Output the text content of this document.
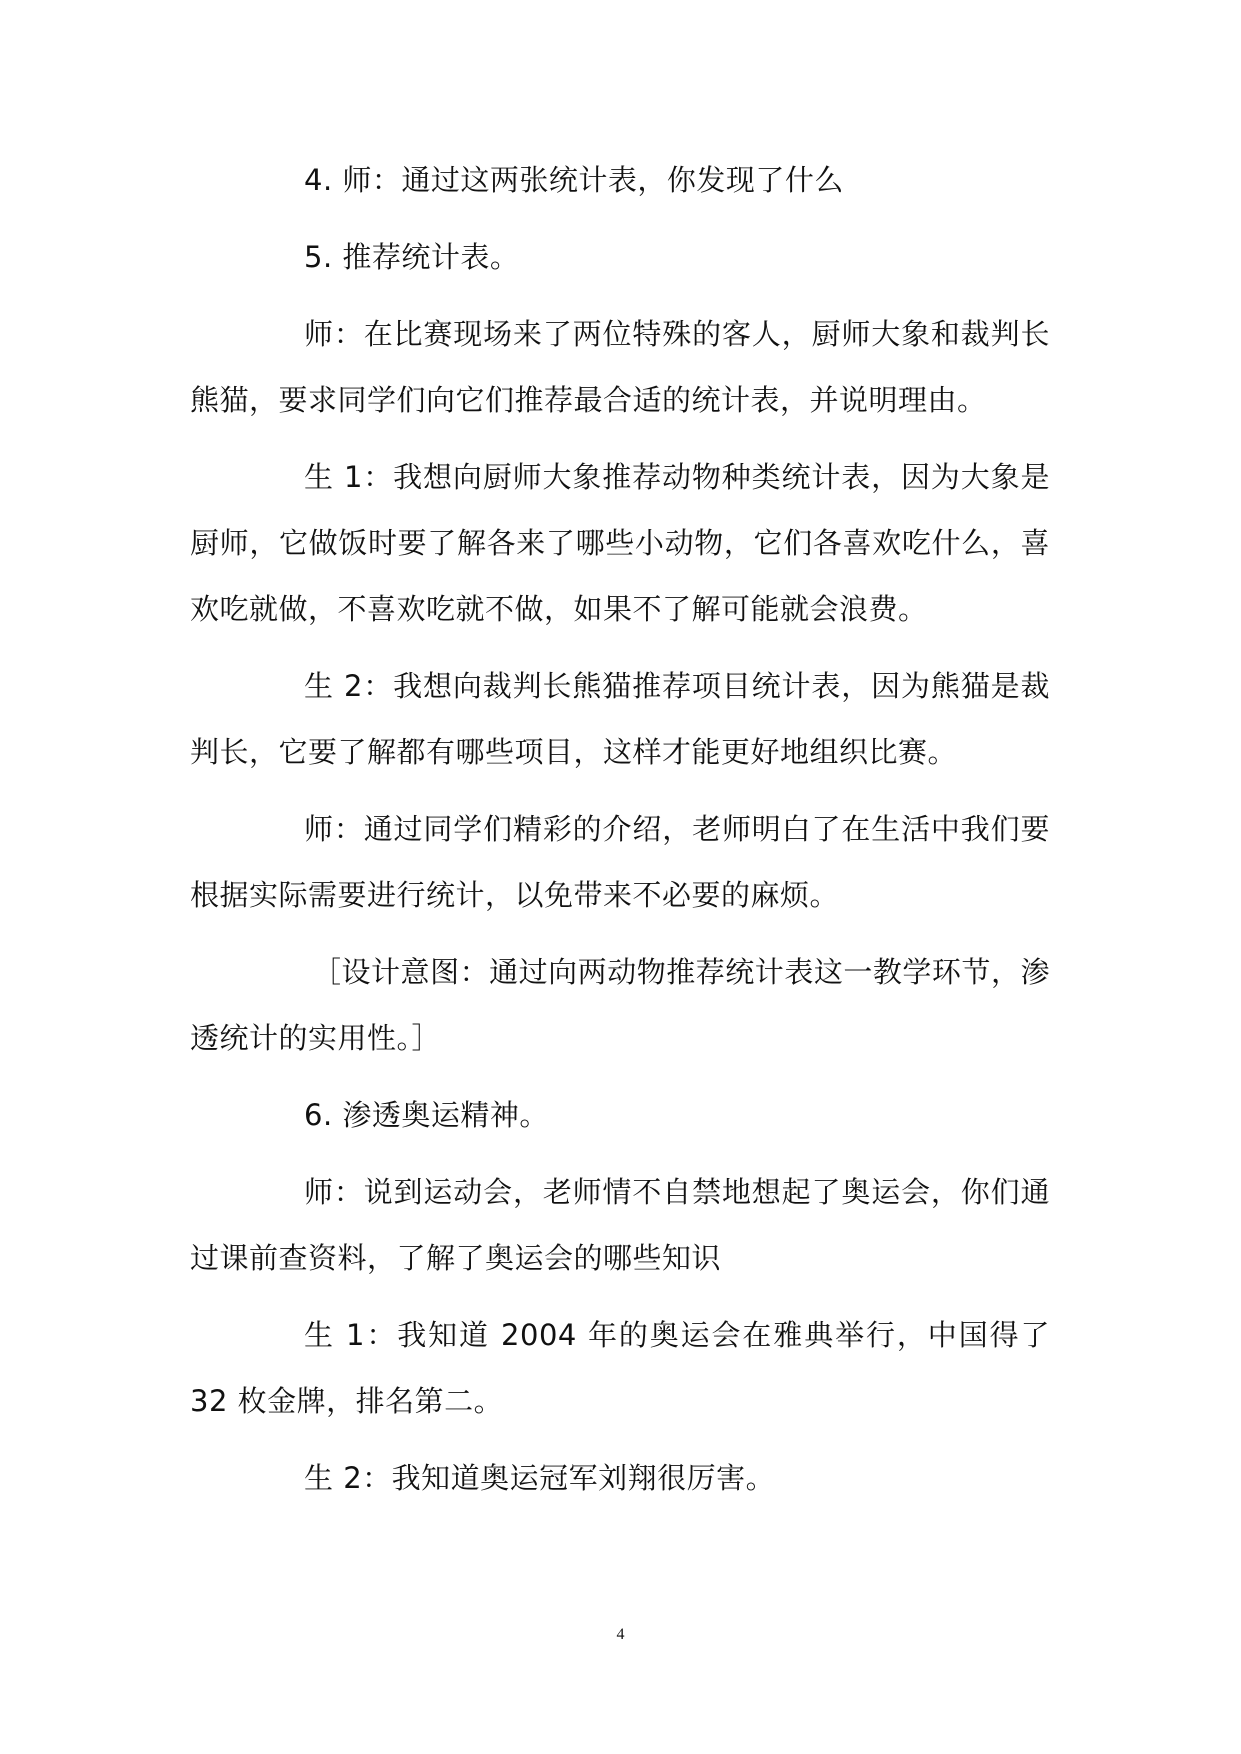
4. 师：通过这两张统计表，你发现了什么

5. 推荐统计表。

师：在比赛现场来了两位特殊的客人，厨师大象和裁判长熊猫，要求同学们向它们推荐最合适的统计表，并说明理由。

生 1：我想向厨师大象推荐动物种类统计表，因为大象是厨师，它做饭时要了解各来了哪些小动物，它们各喜欢吃什么，喜欢吃就做，不喜欢吃就不做，如果不了解可能就会浪费。

生 2：我想向裁判长熊猫推荐项目统计表，因为熊猫是裁判长，它要了解都有哪些项目，这样才能更好地组织比赛。

师：通过同学们精彩的介绍，老师明白了在生活中我们要根据实际需要进行统计，以免带来不必要的麻烦。

［设计意图：通过向两动物推荐统计表这一教学环节，渗透统计的实用性。］

6. 渗透奥运精神。

师：说到运动会，老师情不自禁地想起了奥运会，你们通过课前查资料，了解了奥运会的哪些知识

生 1：我知道 2004 年的奥运会在雅典举行，中国得了 32 枚金牌，排名第二。

生 2：我知道奥运冠军刘翔很厉害。

4
